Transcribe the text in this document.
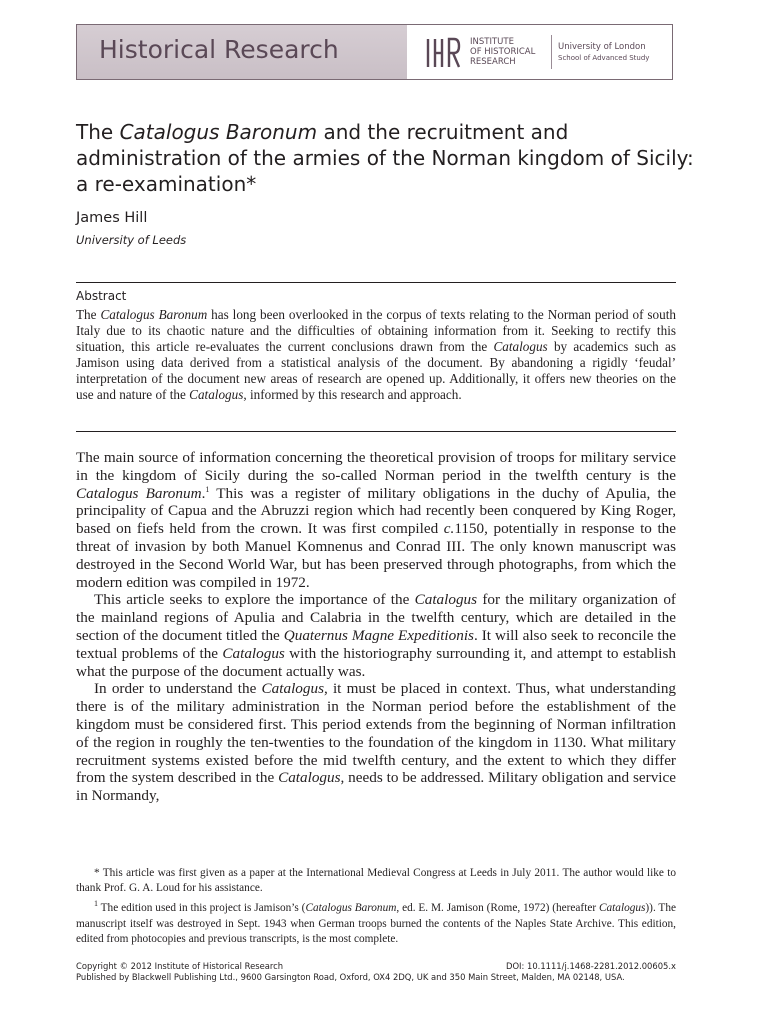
Historical Research	INSTITUTE
OF HISTORICAL
RESEARCH
University of London
School of Advanced Study
The Catalogus Baronum and the recruitment and administration of the armies of the Norman kingdom of Sicily: a re-examination*
James Hill
University of Leeds
Abstract

The Catalogus Baronum has long been overlooked in the corpus of texts relating to the Norman period of south Italy due to its chaotic nature and the difficulties of obtaining information from it. Seeking to rectify this situation, this article re-evaluates the current conclusions drawn from the Catalogus by academics such as Jamison using data derived from a statistical analysis of the document. By abandoning a rigidly ‘feudal’ interpretation of the document new areas of research are opened up. Additionally, it offers new theories on the use and nature of the Catalogus, informed by this research and approach.

The main source of information concerning the theoretical provision of troops for military service in the kingdom of Sicily during the so-called Norman period in the twelfth century is the Catalogus Baronum.$^1$ This was a register of military obligations in the duchy of Apulia, the principality of Capua and the Abruzzi region which had recently been conquered by King Roger, based on fiefs held from the crown. It was first compiled c.1150, potentially in response to the threat of invasion by both Manuel Komnenus and Conrad III. The only known manuscript was destroyed in the Second World War, but has been preserved through photographs, from which the modern edition was compiled in 1972.

This article seeks to explore the importance of the Catalogus for the military organization of the mainland regions of Apulia and Calabria in the twelfth century, which are detailed in the section of the document titled the Quaternus Magne Expeditionis. It will also seek to reconcile the textual problems of the Catalogus with the historiography surrounding it, and attempt to establish what the purpose of the document actually was.

In order to understand the Catalogus, it must be placed in context. Thus, what understanding there is of the military administration in the Norman period before the establishment of the kingdom must be considered first. This period extends from the beginning of Norman infiltration of the region in roughly the ten-twenties to the foundation of the kingdom in 1130. What military recruitment systems existed before the mid twelfth century, and the extent to which they differ from the system described in the Catalogus, needs to be addressed. Military obligation and service in Normandy,

* This article was first given as a paper at the International Medieval Congress at Leeds in July 2011. The author would like to thank Prof. G. A. Loud for his assistance.

$^1$ The edition used in this project is Jamison’s (Catalogus Baronum, ed. E. M. Jamison (Rome, 1972) (hereafter Catalogus)). The manuscript itself was destroyed in Sept. 1943 when German troops burned the contents of the Naples State Archive. This edition, edited from photocopies and previous transcripts, is the most complete.

Copyright © 2012 Institute of Historical Research	DOI: 10.1111/j.1468-2281.2012.00605.x
Published by Blackwell Publishing Ltd., 9600 Garsington Road, Oxford, OX4 2DQ, UK and 350 Main Street, Malden, MA 02148, USA.
